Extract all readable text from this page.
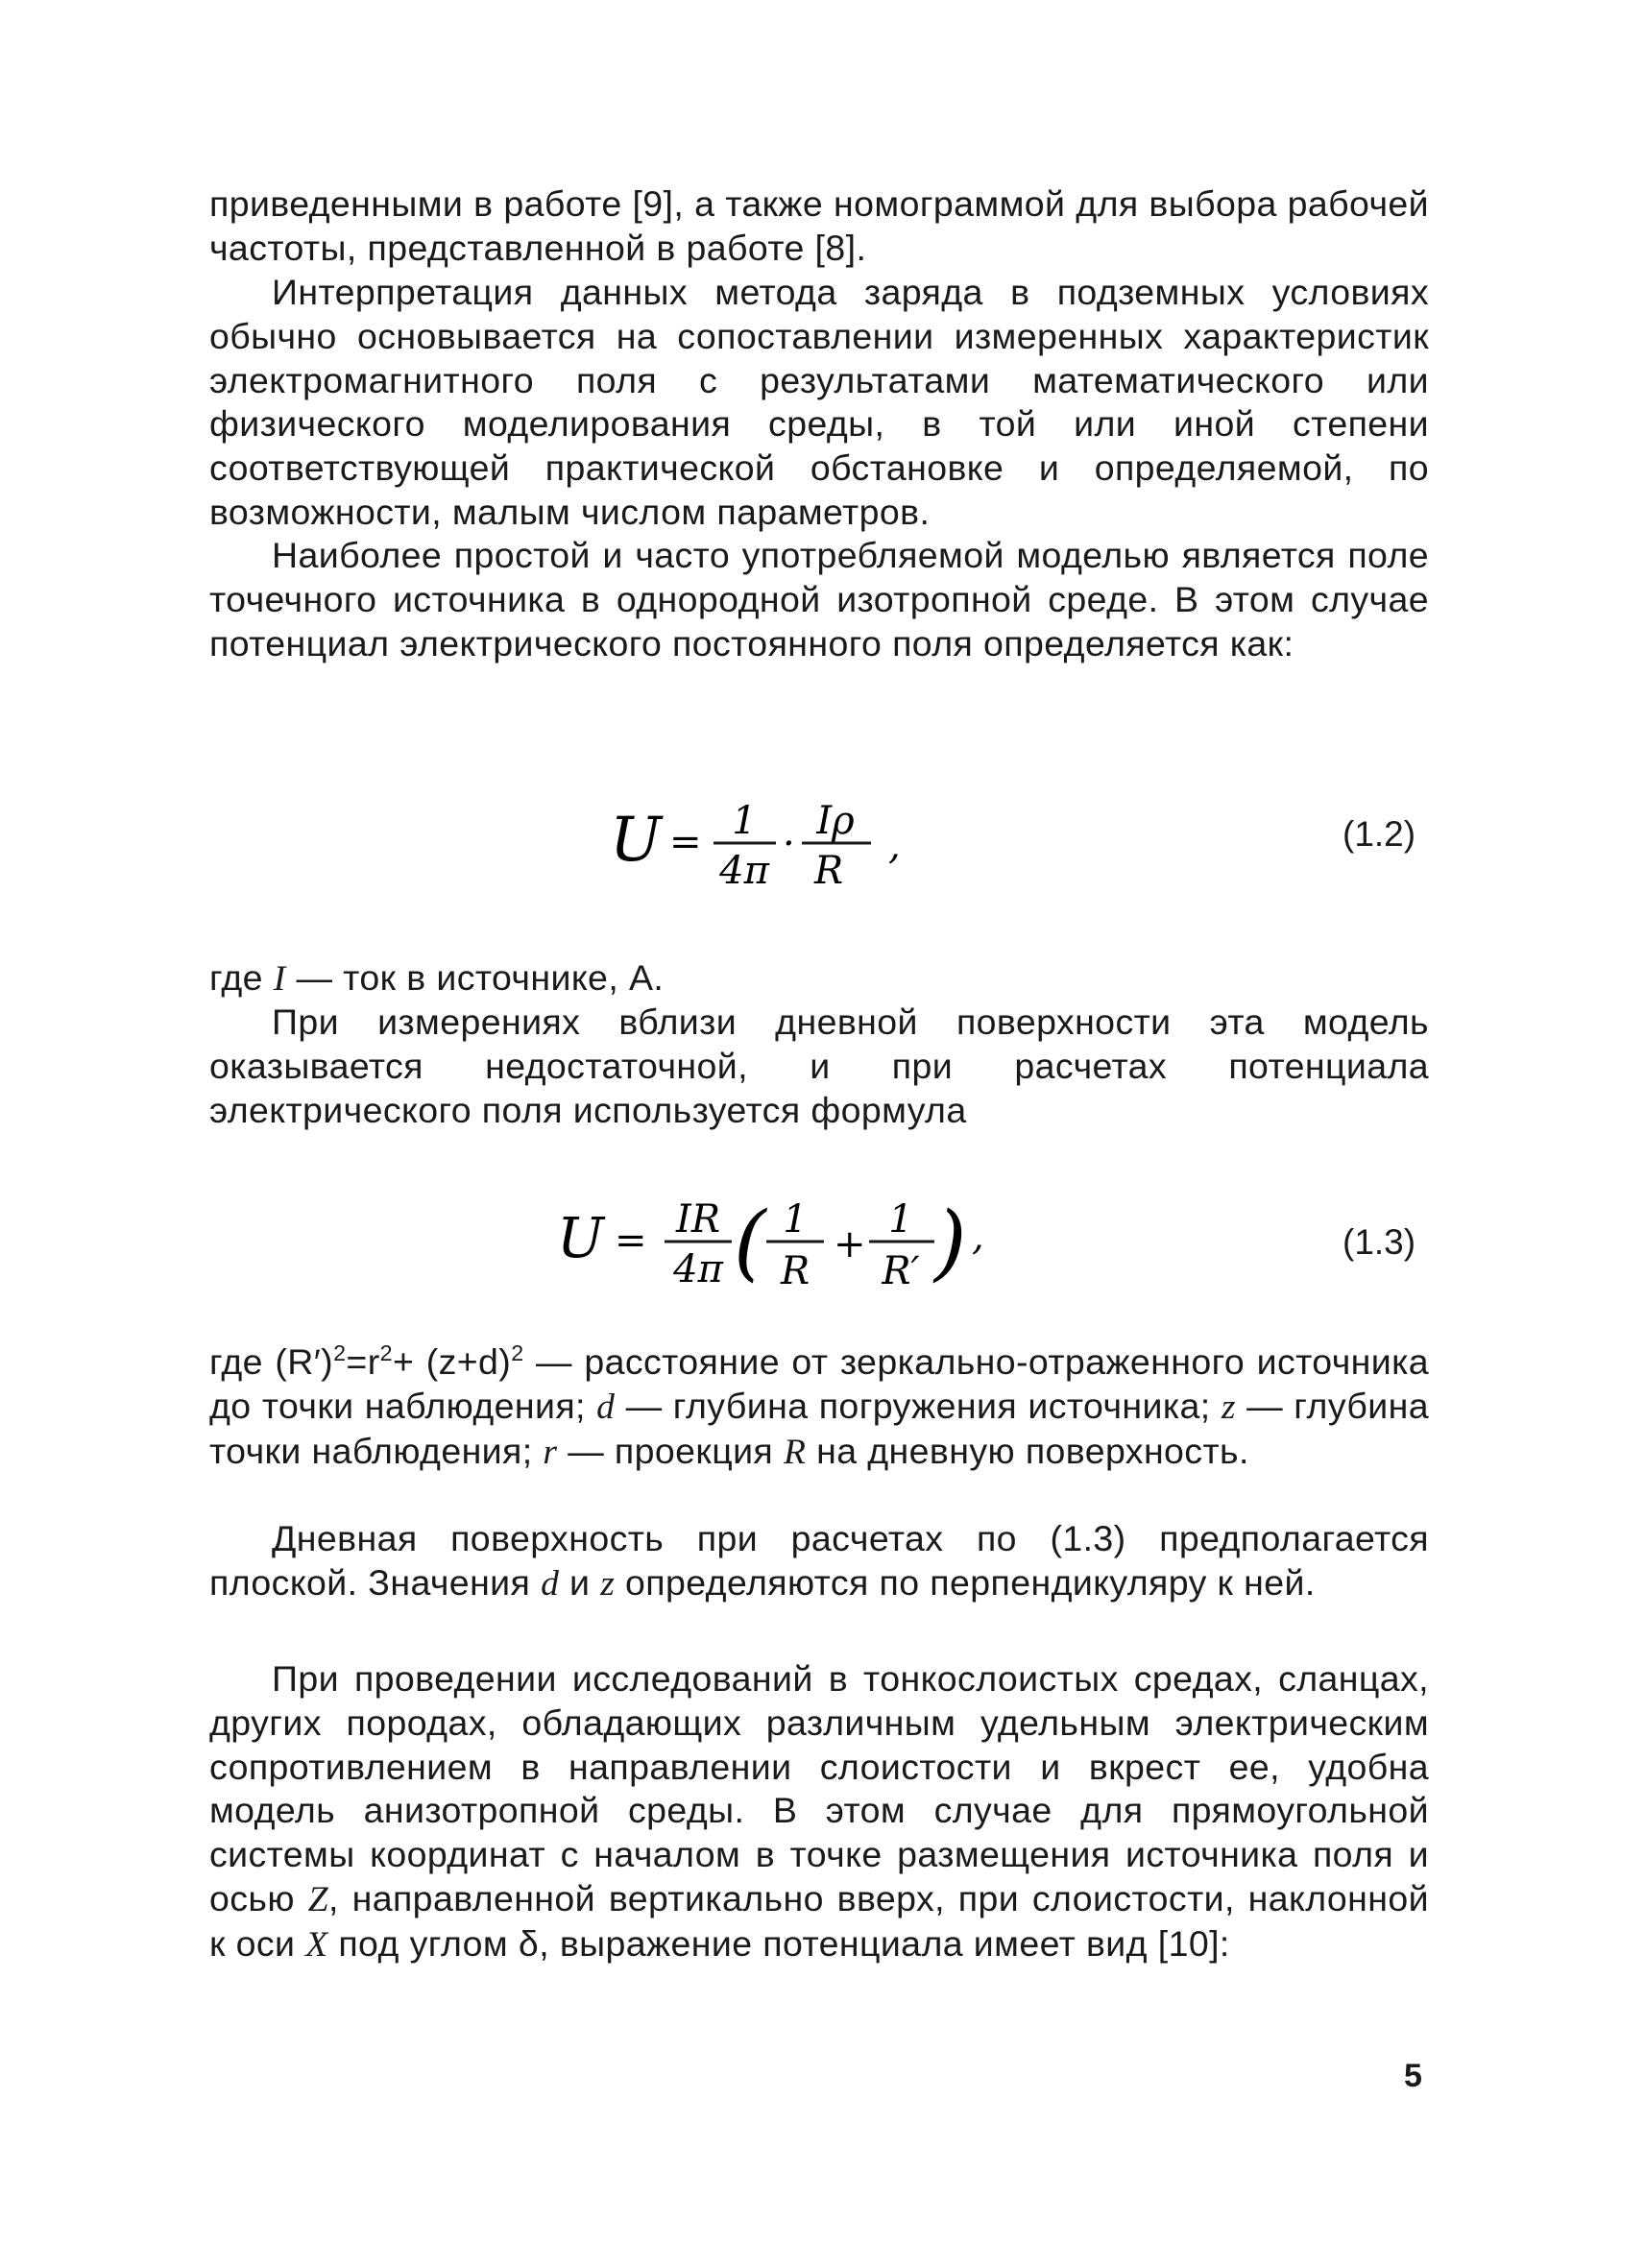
приведенными в работе [9], а также номограммой для выбора рабочей частоты, представленной в работе [8].

Интерпретация данных метода заряда в подземных условиях обычно основывается на сопоставлении измеренных характеристик электромагнитного поля с результатами математического или физического моделирования среды, в той или иной степени соответствующей практической обстановке и определяемой, по возможности, малым числом параметров.

Наиболее простой и часто употребляемой моделью является поле точечного источника в однородной изотропной среде. В этом случае потенциал электрического постоянного поля определяется как:

U = 1
4π
·
Iρ
R
,	(1.2)

где I — ток в источнике, А.

При измерениях вблизи дневной поверхности эта модель оказывается недостаточной, и при расчетах потенциала электрического поля используется формула

U = IR
4π ( 1
R
+
1
R′ ) ,	(1.3)

где $(R')^2=r^2+ (z+d)^2$ — расстояние от зеркально-отраженного источника до точки наблюдения; d — глубина погружения источника; z — глубина точки наблюдения; r — проекция R на дневную поверхность.

Дневная поверхность при расчетах по (1.3) предполагается плоской. Значения d и z определяются по перпендикуляру к ней.

При проведении исследований в тонкослоистых средах, сланцах, других породах, обладающих различным удельным электрическим сопротивлением в направлении слоистости и вкрест ее, удобна модель анизотропной среды. В этом случае для прямоугольной системы координат с началом в точке размещения источника поля и осью Z, направленной вертикально вверх, при слоистости, наклонной к оси X под углом δ, выражение потенциала имеет вид [10]:

5
